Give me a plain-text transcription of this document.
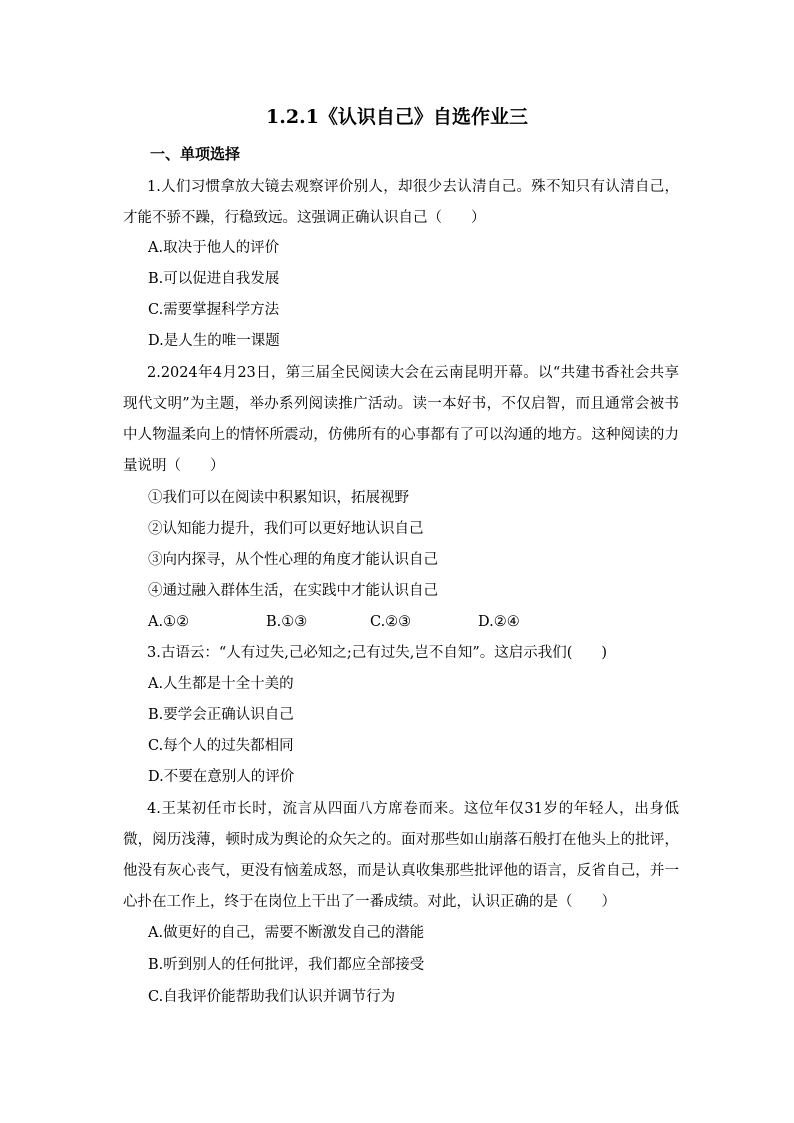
1.2.1《认识自己》自选作业三
一、单项选择
1.人们习惯拿放大镜去观察评价别人，却很少去认清自己。殊不知只有认清自己，才能不骄不躁，行稳致远。这强调正确认识自己（　　）
A.取决于他人的评价
B.可以促进自我发展
C.需要掌握科学方法
D.是人生的唯一课题
2.2024年4月23日，第三届全民阅读大会在云南昆明开幕。以“共建书香社会共享现代文明”为主题，举办系列阅读推广活动。读一本好书，不仅启智，而且通常会被书中人物温柔向上的情怀所震动，仿佛所有的心事都有了可以沟通的地方。这种阅读的力量说明（　　）
①我们可以在阅读中积累知识，拓展视野
②认知能力提升，我们可以更好地认识自己
③向内探寻，从个性心理的角度才能认识自己
④通过融入群体生活，在实践中才能认识自己
A.①②	B.①③	C.②③	D.②④
3.古语云：“人有过失,己必知之;己有过失,岂不自知”。这启示我们(　　)
A.人生都是十全十美的
B.要学会正确认识自己
C.每个人的过失都相同
D.不要在意别人的评价
4.王某初任市长时，流言从四面八方席卷而来。这位年仅31岁的年轻人，出身低微，阅历浅薄，顿时成为舆论的众矢之的。面对那些如山崩落石般打在他头上的批评，他没有灰心丧气，更没有恼羞成怒，而是认真收集那些批评他的语言，反省自己，并一心扑在工作上，终于在岗位上干出了一番成绩。对此，认识正确的是（　　）
A.做更好的自己，需要不断激发自己的潜能
B.听到别人的任何批评，我们都应全部接受
C.自我评价能帮助我们认识并调节行为
